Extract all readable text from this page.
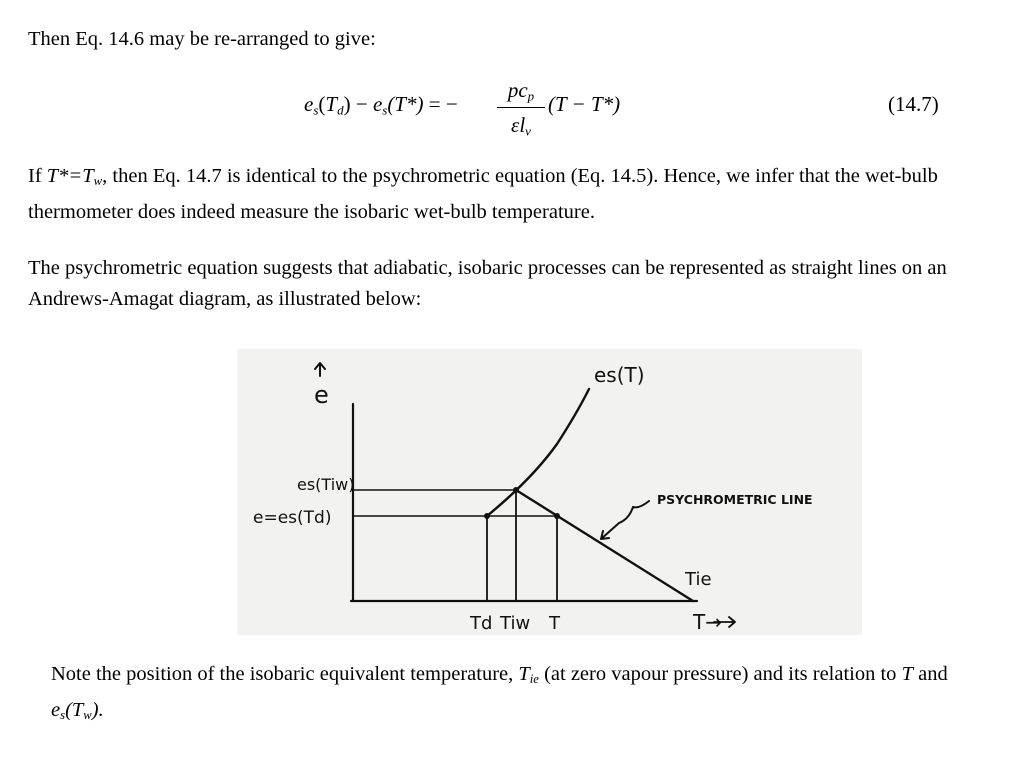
Then Eq. 14.6 may be re-arranged to give:

$e_s(T_d) - e_s(T*)$ = −
$pc_p$
$\varepsilon l_v$
(T − T*)	(14.7)

If $T*=T_w$, then Eq. 14.7 is identical to the psychrometric equation (Eq. 14.5). Hence, we infer that the wet-bulb thermometer does indeed measure the isobaric wet-bulb temperature.

The psychrometric equation suggests that adiabatic, isobaric processes can be represented as straight lines on an Andrews-Amagat diagram, as illustrated below:

e
es(T)
es(Tiw)
e=es(Td)
PSYCHROMETRIC LINE
Tie
Td Tiw T	T→

Note the position of the isobaric equivalent temperature, $T_{ie}$ (at zero vapour pressure) and its relation to T and $e_s(T_w)$.
